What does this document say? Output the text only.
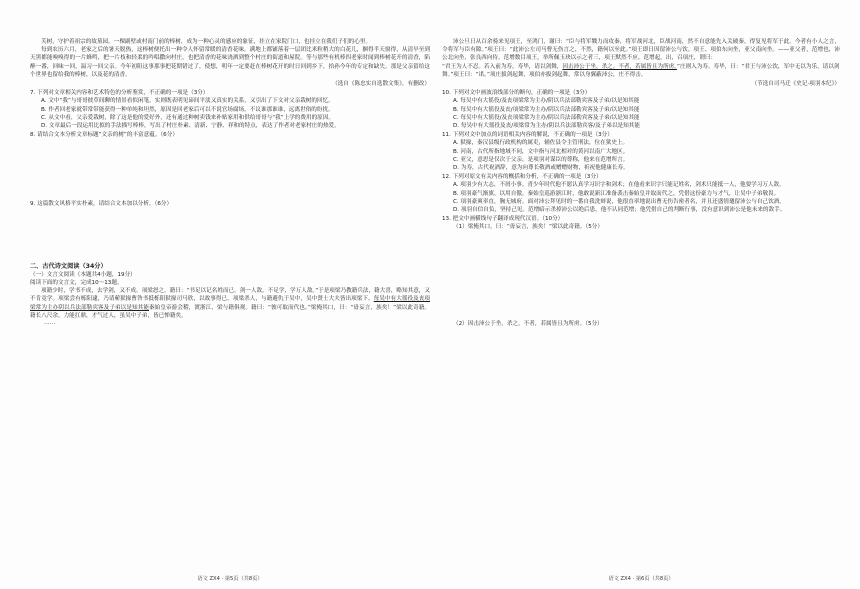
芙树，守护着祖宗的故墓园。一棵副壁或村南门前的棒树，成为一种心灵的感应的象征，挂立在家院门口，也挂立在我们子们的心里。

每到农历六月，老家之后的暑天脱热，这棒树便托出一种令人怀留常暖的清香花味。满地上都铺落着一层团比米粒稍大的白花儿，捆得半天窗得，从清早至到天黑都能嗅嗅得的一片蜂鸣，把一片枝和轻柔的吟唱撒向村庄，也把清香的花味浇洒到整个村庄的街道和屋院。等与那些有机棒四老家时闻到棒树花开的清香，陷醉一番，回味一回，温习一回父亲。今年初阻这事那事把花期错过了，使想，明年一定要赶在棒树花开的时日回到乡下，拾孙今年的专定和缺失。那是父亲留给这个世界也留给我的棒树，以及花的清香。

（选自《陈忠实自选散文集》，有删改）

7. 下列对文章相关内容和艺术特色的分析鉴赏，不正确的一项是（3分）

A. 文中“我”与哥哥彼草间聊的情景看似闲笔，实则既表明见谛间平淡又真实的关系，又引出了下文对父亲栽树的回忆。

B. 作者回老家就带常带能获得一种单纯和坦然，原因是回老家后可以不说官场腐场，不议谁那谁谁，远离世俗的纷扰。

C. 从文中看，父亲爱栽树，除了这是他的爱好外，还有通过种树卖钱来补贴家用和供给哥哥与“我”上学的费用的原因。

D. 文章最后一段运用比拟的手法描写棒棒，写出了村庄朴素、清新、宁静、祥和的特点，表达了作者对老家村庄的热爱。

8. 请结合文本分析文章标题“文亲的树”的丰富意蕴。（6分）

9. 这篇散文风格平实朴素，请结合文本加以分析。（6分）

二、古代诗文阅读（34分）

（一）文言文阅读（本题共4小题，19分）

阅读下面的文言文，完成10～13题。

项籍少时，学书不成，去学剑，又不成。项梁怒之。籍曰：“书足以记名姓而已。剑一人敌，不足学，学万人敌。”于是项梁乃教籍兵法，籍大喜，略知其意，又不肯竟学。项梁尝有栎阳逮，乃请蕲狱掾曹咎书抵栎阳狱掾司马欣，以故事得已。项梁杀人，与籍避仇于吴中，吴中贤士大夫皆出项梁下。每吴中有大徭役及丧项梁常为主办阴以兵法部勒宾客及子弟以是知其能秦始皇帝游会稽，渡浙江，梁与籍俱观。籍曰：“彼可取而代也。”梁掩其口，曰：“毋妄言，族矣！”梁以此奇籍。籍长八尺余，力能扛鼎，才气过人，虽吴中子弟，皆已惮籍矣。

……

语文 ZX4 · 第5页（共8页）

沛公旦日从百余骑来见项王，至鸿门，谢曰：“臣与将军戮力而攻秦，将军战河北，臣战河南，然不自意能先入关破秦，得复见将军于此。今者有小人之言，令将军与臣有隙。”项王曰：“此沛公左司马曹无伤言之，不然，籍何以至此。”项王即日因留沛公与饮。项王、项伯东向坐，亚父南向坐。——亚父者，范增也，沛公北向坐，张良西向侍。范增数目项王，举所佩玉玦以示之者三，项王默然不应。范增起，出，召项庄，谓曰：

“君王为人不忍。若入前为寿，寿毕，请以剑舞，因击沛公于坐，杀之。不者，若属皆且为所虏。”庄则入为寿。寿毕，曰：“君王与沛公饮，军中无以为乐，请以剑舞。”项王曰：“诺。”项庄拔剑起舞，项伯亦拔剑起舞，常以身翼蔽沛公，庄不得击。

（节选自司马迁《史记·项羽本纪》）

10. 下列对文中画波浪线部分的断句，正确的一项是（3分）

A. 每吴中有大徭役/及丧项梁常为主办/阴以兵法部勒宾客及子弟/以是知其能

B. 每吴中有大徭役及丧/项梁常为主办/阴以兵法部勒宾客及子弟/以是知其能

C. 每吴中有大徭役/及丧项梁常为主办/阴以兵法部勒宾客及子弟/以是知其能

D. 每吴中有大徭役及丧/项梁常为主办/阴以兵法部勒宾客/及子弟以是知其能

11. 下列对文中加点的词语相关内容的解说，不正确的一项是（3分）

A. 狱掾，秦汉县级行政机构的属吏，辅佐县令主管刑法，位在狱史上。

B. 河南，古代所指地域不同，文中指与河北相对的黄河以南广大地区。

C. 亚父，意思是仅次于父亲，是项羽对谋臣的尊称，他来在范增所言。

D. 为寿，古代祝酒辞，意为向尊长敬酒或赠赠财物，祈祝他健康长寿。

12. 下列对原文有关内容的概括和分析，不正确的一项是（3分）

A. 项羽少有大志，不屑小事。青少年时代他不愿认真学习识字和剑术；在他看来识字只能记姓名，剑术只能抵一人，他要学习万人敌。

B. 项羽豪气渐旗，以用自傲。秦始皇巡游浙江时，他敢说新江准备袭击秦始皇并取而代之，凭借这份豪力与才气，让吴中子弟敬畏。

C. 项羽豪爽率直，胸无城府。面对沛公拜见时的一番自我洗辩说，他很直率地说出曹无伤告密者名，并且还盛情邀留沛公与自己饮酒。

D. 项羽自信自负，坚持己见。范增暗示杀掉沛公以绝后患，他不认同范增；他凭借自己的判断行事，没有意识到沛公是他未来的敌手。

13. 把文中画横线句子翻译成现代汉语。（10分）

（1）梁掩其口，曰：“毋妄言，族矣！”梁以此奇籍。（5分）

（2）因击沛公于坐，杀之。不者，若属皆且为所虏。（5分）

语文 ZX4 · 第6页（共8页）
